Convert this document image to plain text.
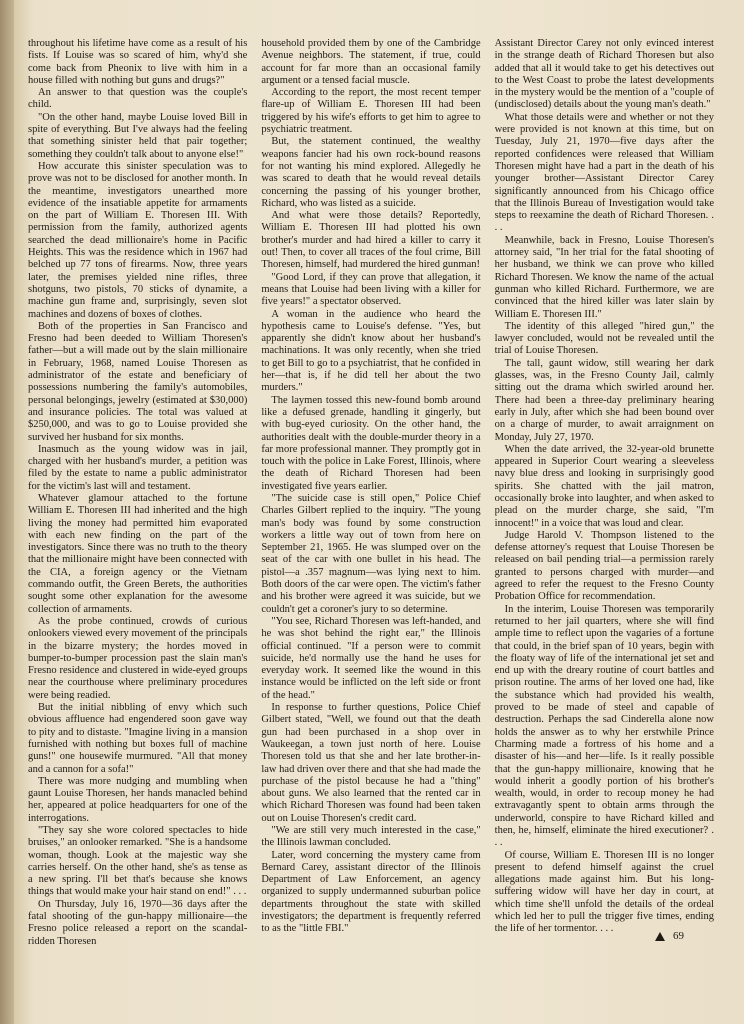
throughout his lifetime have come as a result of his fists. If Louise was so scared of him, why'd she come back from Pheonix to live with him in a house filled with nothing but guns and drugs?"

An answer to that question was the couple's child.

"On the other hand, maybe Louise loved Bill in spite of everything. But I've always had the feeling that something sinister held that pair together; something they couldn't talk about to anyone else!"

How accurate this sinister speculation was to prove was not to be disclosed for another month. In the meantime, investigators unearthed more evidence of the insatiable appetite for armaments on the part of William E. Thoresen III. With permission from the family, authorized agents searched the dead millionaire's home in Pacific Heights. This was the residence which in 1967 had belched up 77 tons of firearms. Now, three years later, the premises yielded nine rifles, three shotguns, two pistols, 70 sticks of dynamite, a machine gun frame and, surprisingly, seven slot machines and dozens of boxes of clothes.

Both of the properties in San Francisco and Fresno had been deeded to William Thoresen's father—but a will made out by the slain millionaire in February, 1968, named Louise Thoresen as administrator of the estate and beneficiary of possessions numbering the family's automobiles, personal belongings, jewelry (estimated at $30,000) and insurance policies. The total was valued at $250,000, and was to go to Louise provided she survived her husband for six months.

Inasmuch as the young widow was in jail, charged with her husband's murder, a petition was filed by the estate to name a public administrator for the victim's last will and testament.

Whatever glamour attached to the fortune William E. Thoresen III had inherited and the high living the money had permitted him evaporated with each new finding on the part of the investigators. Since there was no truth to the theory that the millionaire might have been connected with the CIA, a foreign agency or the Vietnam commando outfit, the Green Berets, the authorities sought some other explanation for the awesome collection of armaments.

As the probe continued, crowds of curious onlookers viewed every movement of the principals in the bizarre mystery; the hordes moved in bumper-to-bumper procession past the slain man's Fresno residence and clustered in wide-eyed groups near the courthouse where preliminary procedures were being readied.

But the initial nibbling of envy which such obvious affluence had engendered soon gave way to pity and to distaste. "Imagine living in a mansion furnished with nothing but boxes full of machine guns!" one housewife murmured. "All that money and a cannon for a sofa!"

There was more nudging and mumbling when gaunt Louise Thoresen, her hands manacled behind her, appeared at police headquarters for one of the interrogations.

"They say she wore colored spectacles to hide bruises," an onlooker remarked. "She is a handsome woman, though. Look at the majestic way she carries herself. On the other hand, she's as tense as a new spring. I'll bet that's because she knows things that would make your hair stand on end!" . . .

On Thursday, July 16, 1970—36 days after the fatal shooting of the gun-happy millionaire—the Fresno police released a report on the scandal-ridden Thoresen

household provided them by one of the Cambridge Avenue neighbors. The statement, if true, could account for far more than an occasional family argument or a tensed facial muscle.

According to the report, the most recent temper flare-up of William E. Thoresen III had been triggered by his wife's efforts to get him to agree to psychiatric treatment.

But, the statement continued, the wealthy weapons fancier had his own rock-bound reasons for not wanting his mind explored. Allegedly he was scared to death that he would reveal details concerning the passing of his younger brother, Richard, who was listed as a suicide.

And what were those details? Reportedly, William E. Thoresen III had plotted his own brother's murder and had hired a killer to carry it out! Then, to cover all traces of the foul crime, Bill Thoresen, himself, had murdered the hired gunman!

"Good Lord, if they can prove that allegation, it means that Louise had been living with a killer for five years!" a spectator observed.

A woman in the audience who heard the hypothesis came to Louise's defense. "Yes, but apparently she didn't know about her husband's machinations. It was only recently, when she tried to get Bill to go to a psychiatrist, that he confided in her—that is, if he did tell her about the two murders."

The laymen tossed this new-found bomb around like a defused grenade, handling it gingerly, but with bug-eyed curiosity. On the other hand, the authorities dealt with the double-murder theory in a far more professional manner. They promptly got in touch with the police in Lake Forest, Illinois, where the death of Richard Thoresen had been investigated five years earlier.

"The suicide case is still open," Police Chief Charles Gilbert replied to the inquiry. "The young man's body was found by some construction workers a little way out of town from here on September 21, 1965. He was slumped over on the seat of the car with one bullet in his head. The pistol—a .357 magnum—was lying next to him. Both doors of the car were open. The victim's father and his brother were agreed it was suicide, but we couldn't get a coroner's jury to so determine.

"You see, Richard Thoresen was left-handed, and he was shot behind the right ear," the Illinois official continued. "If a person were to commit suicide, he'd normally use the hand he uses for everyday work. It seemed like the wound in this instance would be inflicted on the left side or front of the head."

In response to further questions, Police Chief Gilbert stated, "Well, we found out that the death gun had been purchased in a shop over in Waukeegan, a town just north of here. Louise Thoresen told us that she and her late brother-in-law had driven over there and that she had made the purchase of the pistol because he had a "thing" about guns. We also learned that the rented car in which Richard Thoresen was found had been taken out on Louise Thoresen's credit card.

"We are still very much interested in the case," the Illinois lawman concluded.

Later, word concerning the mystery came from Bernard Carey, assistant director of the Illinois Department of Law Enforcement, an agency organized to supply undermanned suburban police departments throughout the state with skilled investigators; the department is frequently referred to as the "little FBI."

Assistant Director Carey not only evinced interest in the strange death of Richard Thoresen but also added that all it would take to get his detectives out to the West Coast to probe the latest developments in the mystery would be the mention of a "couple of (undisclosed) details about the young man's death."

What those details were and whether or not they were provided is not known at this time, but on Tuesday, July 21, 1970—five days after the reported confidences were released that William Thoresen might have had a part in the death of his younger brother—Assistant Director Carey significantly announced from his Chicago office that the Illinois Bureau of Investigation would take steps to reexamine the death of Richard Thoresen. . . .

Meanwhile, back in Fresno, Louise Thoresen's attorney said, "In her trial for the fatal shooting of her husband, we think we can prove who killed Richard Thoresen. We know the name of the actual gunman who killed Richard. Furthermore, we are convinced that the hired killer was later slain by William E. Thoresen III."

The identity of this alleged "hired gun," the lawyer concluded, would not be revealed until the trial of Louise Thoresen.

The tall, gaunt widow, still wearing her dark glasses, was, in the Fresno County Jail, calmly sitting out the drama which swirled around her. There had been a three-day preliminary hearing early in July, after which she had been bound over on a charge of murder, to await arraignment on Monday, July 27, 1970.

When the date arrived, the 32-year-old brunette appeared in Superior Court wearing a sleeveless navy blue dress and looking in surprisingly good spirits. She chatted with the jail matron, occasionally broke into laughter, and when asked to plead on the murder charge, she said, "I'm innocent!" in a voice that was loud and clear.

Judge Harold V. Thompson listened to the defense attorney's request that Louise Thoresen be released on bail pending trial—a permission rarely granted to persons charged with murder—and agreed to refer the request to the Fresno County Probation Office for recommendation.

In the interim, Louise Thoresen was temporarily returned to her jail quarters, where she will find ample time to reflect upon the vagaries of a fortune that could, in the brief span of 10 years, begin with the floaty way of life of the international jet set and end up with the dreary routine of court battles and prison routine. The arms of her loved one had, like the substance which had provided his wealth, proved to be made of steel and capable of destruction. Perhaps the sad Cinderella alone now holds the answer as to why her erstwhile Prince Charming made a fortress of his home and a disaster of his—and her—life. Is it really possible that the gun-happy millionaire, knowing that he would inherit a goodly portion of his brother's wealth, would, in order to recoup money he had extravagantly spent to obtain arms through the underworld, conspire to have Richard killed and then, he, himself, eliminate the hired executioner? . . .

Of course, William E. Thoresen III is no longer present to defend himself against the cruel allegations made against him. But his long-suffering widow will have her day in court, at which time she'll unfold the details of the ordeal which led her to pull the trigger five times, ending the life of her tormentor. . . .

69
